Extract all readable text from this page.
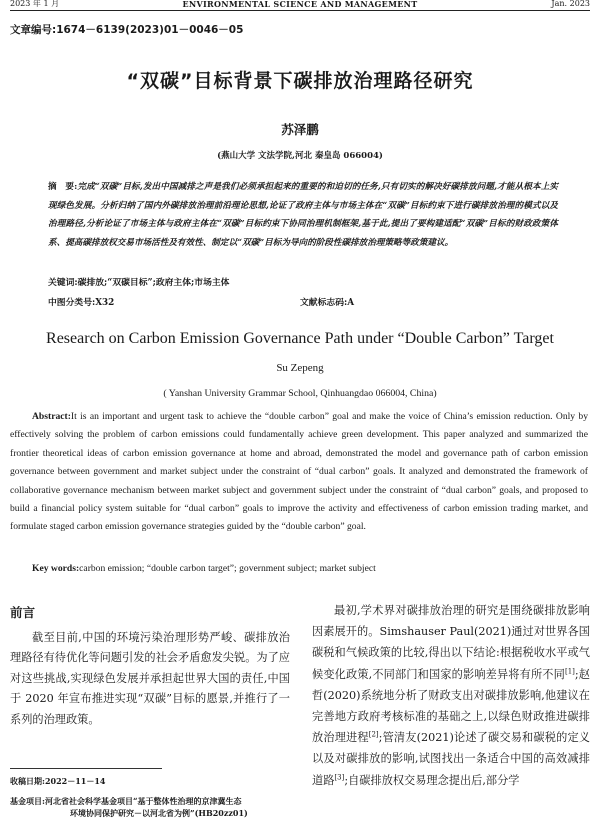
2023 年 1 月	ENVIRONMENTAL SCIENCE AND MANAGEMENT	Jan. 2023
文章编号:1674－6139(2023)01－0046－05
“双碳”目标背景下碳排放治理路径研究
苏泽鹏
(燕山大学 文法学院,河北 秦皇岛 066004)
摘　要:完成“双碳”目标,发出中国减排之声是我们必须承担起来的重要的和迫切的任务,只有切实的解决好碳排放问题,才能从根本上实现绿色发展。分析归纳了国内外碳排放治理前沿理论思想,论证了政府主体与市场主体在“双碳”目标约束下进行碳排放治理的模式以及治理路径,分析论证了市场主体与政府主体在“双碳”目标约束下协同治理机制框架,基于此,提出了要构建适配“双碳”目标的财政政策体系、提高碳排放权交易市场活性及有效性、制定以“双碳”目标为导向的阶段性碳排放治理策略等政策建议。
关键词:碳排放;“双碳目标”;政府主体;市场主体
中图分类号:X32	文献标志码:A
Research on Carbon Emission Governance Path under “Double Carbon” Target
Su Zepeng
( Yanshan University Grammar School, Qinhuangdao 066004, China)
Abstract:It is an important and urgent task to achieve the “double carbon” goal and make the voice of China’s emission reduction. Only by effectively solving the problem of carbon emissions could fundamentally achieve green development. This paper analyzed and summarized the frontier theoretical ideas of carbon emission governance at home and abroad, demonstrated the model and governance path of carbon emission governance between government and market subject under the constraint of “dual carbon” goals. It analyzed and demonstrated the framework of collaborative governance mechanism between market subject and government subject under the constraint of “dual carbon” goals, and proposed to build a financial policy system suitable for “dual carbon” goals to improve the activity and effectiveness of carbon emission trading market, and formulate staged carbon emission governance strategies guided by the “double carbon” goal.
Key words:carbon emission; “double carbon target”; government subject; market subject
前言
截至目前,中国的环境污染治理形势严峻、碳排放治理路径有待优化等问题引发的社会矛盾愈发尖锐。为了应对这些挑战,实现绿色发展并承担起世界大国的责任,中国于 2020 年宣布推进实现“双碳”目标的愿景,并推行了一系列的治理政策。
收稿日期:2022－11－14
基金项目:河北省社会科学基金项目“基于整体性治理的京津冀生态
环境协同保护研究－以河北省为例”(HB20zz01)
最初,学术界对碳排放治理的研究是围绕碳排放影响因素展开的。Simshauser Paul(2021)通过对世界各国碳税和气候政策的比较,得出以下结论:根据税收水平或气候变化政策,不同部门和国家的影响差异将有所不同[1];赵哲(2020)系统地分析了财政支出对碳排放影响,他建议在完善地方政府考核标准的基础之上,以绿色财政推进碳排放治理进程[2];管清友(2021)论述了碳交易和碳税的定义以及对碳排放的影响,试图找出一条适合中国的高效减排道路[3];自碳排放权交易理念提出后,部分学
